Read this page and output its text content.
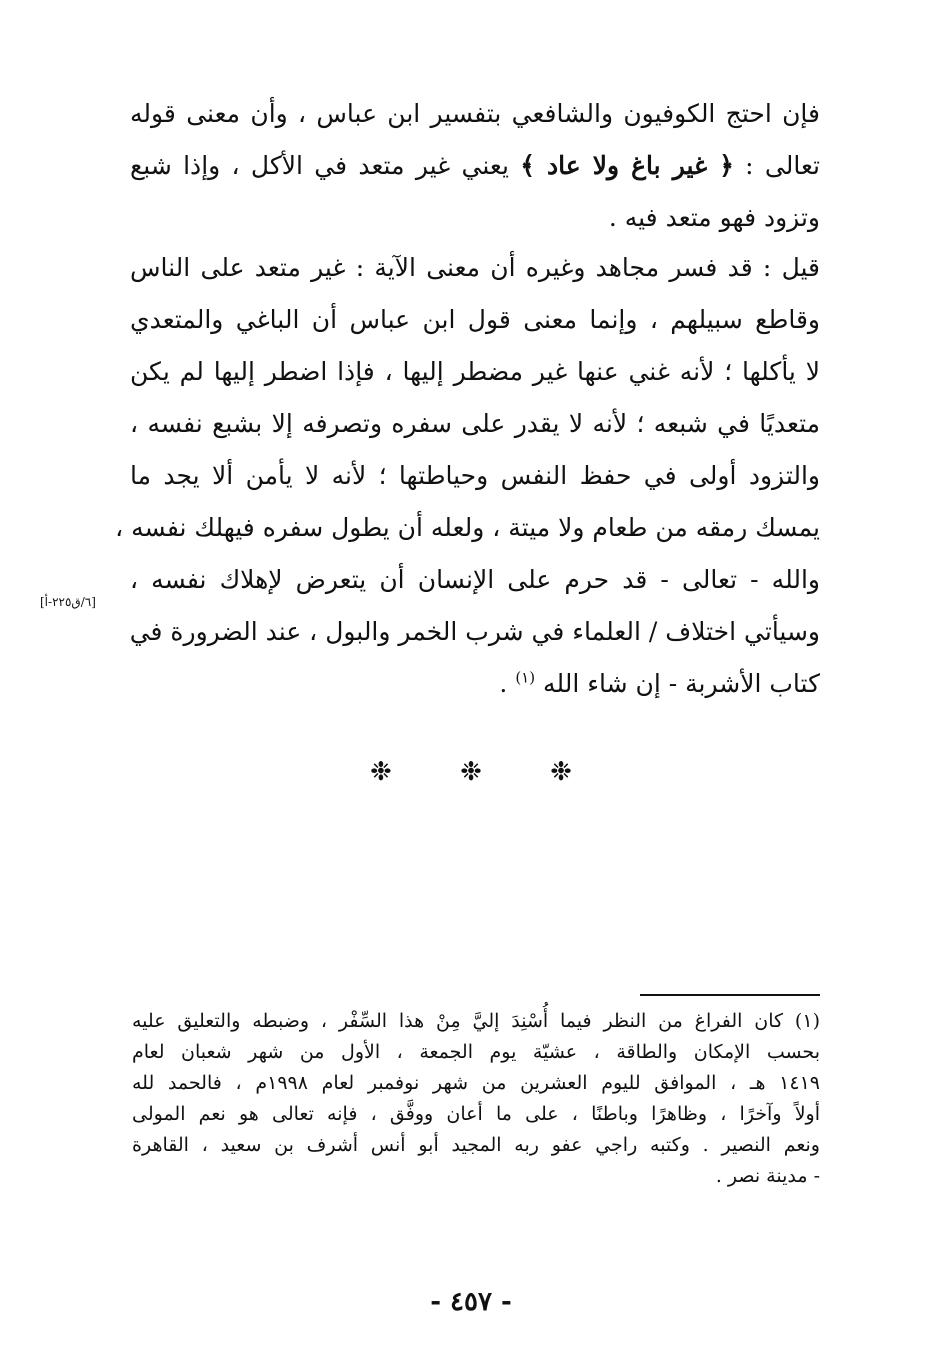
فإن احتج الكوفيون والشافعي بتفسير ابن عباس ، وأن معنى قوله
تعالى : ﴿ غير باغ ولا عاد ﴾ يعني غير متعد في الأكل ، وإذا شبع
وتزود فهو متعد فيه .
قيل : قد فسر مجاهد وغيره أن معنى الآية : غير متعد على الناس
وقاطع سبيلهم ، وإنما معنى قول ابن عباس أن الباغي والمتعدي
لا يأكلها ؛ لأنه غني عنها غير مضطر إليها ، فإذا اضطر إليها لم يكن
متعديًا في شبعه ؛ لأنه لا يقدر على سفره وتصرفه إلا بشبع نفسه ،
والتزود أولى في حفظ النفس وحياطتها ؛ لأنه لا يأمن ألا يجد ما
يمسك رمقه من طعام ولا ميتة ، ولعله أن يطول سفره فيهلك نفسه ،
والله - تعالى - قد حرم على الإنسان أن يتعرض لإهلاك نفسه ،
وسيأتي اختلاف / العلماء في شرب الخمر والبول ، عند الضرورة في
كتاب الأشربة - إن شاء الله $^{(١)}$ .
[٦/ق٢٢٥-أ]
❉	❉	❉
(١) كان الفراغ من النظر فيما أُسْنِدَ إليَّ مِنْ هذا السِّفْر ، وضبطه والتعليق عليه
بحسب الإمكان والطاقة ، عشيّة يوم الجمعة ، الأول من شهر شعبان لعام
١٤١٩ هـ ، الموافق لليوم العشرين من شهر نوفمبر لعام ١٩٩٨م ، فالحمد لله
أولاً وآخرًا ، وظاهرًا وباطنًا ، على ما أعان ووفَّق ، فإنه تعالى هو نعم المولى
ونعم النصير . وكتبه راجي عفو ربه المجيد أبو أنس أشرف بن سعيد ، القاهرة
- مدينة نصر .
- ٤٥٧ -
